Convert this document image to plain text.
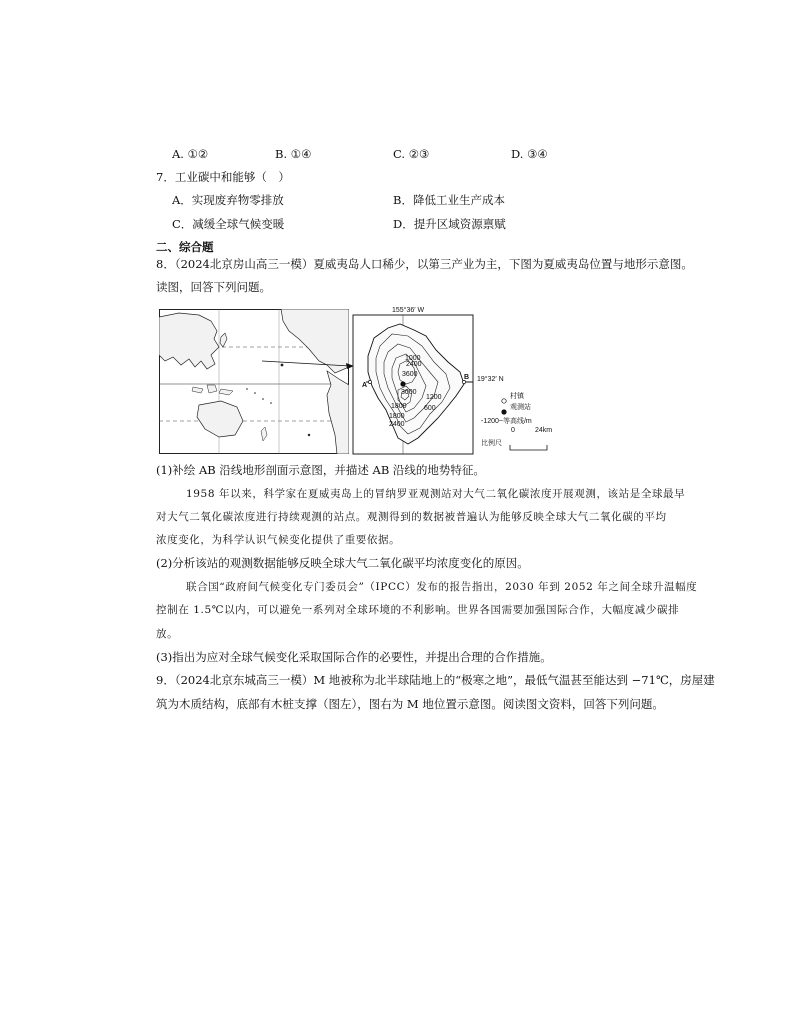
A. ①②	B. ①④	C. ②③	D. ③④
7．工业碳中和能够（　）
A．实现废弃物零排放	B．降低工业生产成本
C．减缓全球气候变暖	D．提升区域资源禀赋
二、综合题
8．（2024北京房山高三一模）夏威夷岛人口稀少，以第三产业为主，下图为夏威夷岛位置与地形示意图。
读图，回答下列问题。
155°36′ W
A
B
1000
2400
3600
3000
1200
600
1800
1800
2400
19°32′ N
村镇
观测站
-1200~等高线/m
0	24km
比例尺
(1)补绘 AB 沿线地形剖面示意图，并描述 AB 沿线的地势特征。
1958 年以来，科学家在夏威夷岛上的冒纳罗亚观测站对大气二氧化碳浓度开展观测，该站是全球最早
对大气二氧化碳浓度进行持续观测的站点。观测得到的数据被普遍认为能够反映全球大气二氧化碳的平均
浓度变化，为科学认识气候变化提供了重要依据。
(2)分析该站的观测数据能够反映全球大气二氧化碳平均浓度变化的原因。
联合国“政府间气候变化专门委员会”（IPCC）发布的报告指出，2030 年到 2052 年之间全球升温幅度
控制在 1.5℃以内，可以避免一系列对全球环境的不利影响。世界各国需要加强国际合作，大幅度减少碳排
放。
(3)指出为应对全球气候变化采取国际合作的必要性，并提出合理的合作措施。
9．（2024北京东城高三一模）M 地被称为北半球陆地上的“极寒之地”，最低气温甚至能达到 −71℃，房屋建
筑为木质结构，底部有木桩支撑（图左），图右为 M 地位置示意图。阅读图文资料，回答下列问题。
